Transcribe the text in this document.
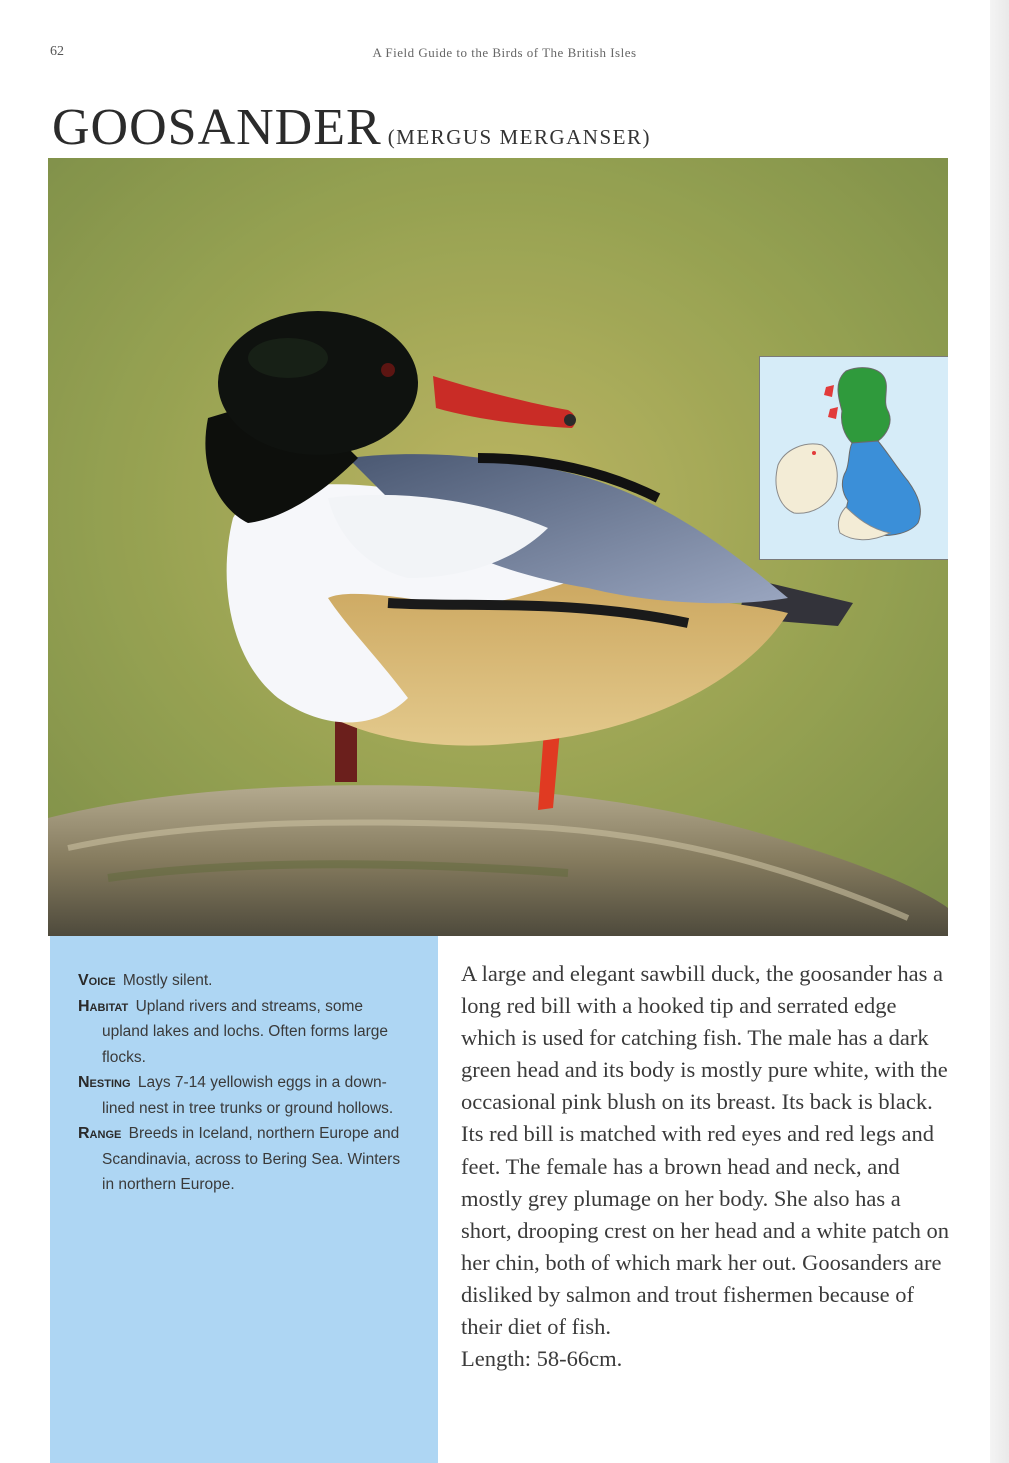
62	A Field Guide to the Birds of The British Isles
GOOSANDER (MERGUS MERGANSER)
Voice Mostly silent.
Habitat Upland rivers and streams, some upland lakes and lochs. Often forms large flocks.
Nesting Lays 7-14 yellowish eggs in a down-lined nest in tree trunks or ground hollows.
Range Breeds in Iceland, northern Europe and Scandinavia, across to Bering Sea. Winters in northern Europe.

A large and elegant sawbill duck, the goosander has a long red bill with a hooked tip and serrated edge which is used for catching fish. The male has a dark green head and its body is mostly pure white, with the occasional pink blush on its breast. Its back is black. Its red bill is matched with red eyes and red legs and feet. The female has a brown head and neck, and mostly grey plumage on her body. She also has a short, drooping crest on her head and a white patch on her chin, both of which mark her out. Goosanders are disliked by salmon and trout fishermen because of their diet of fish.

Length: 58-66cm.
